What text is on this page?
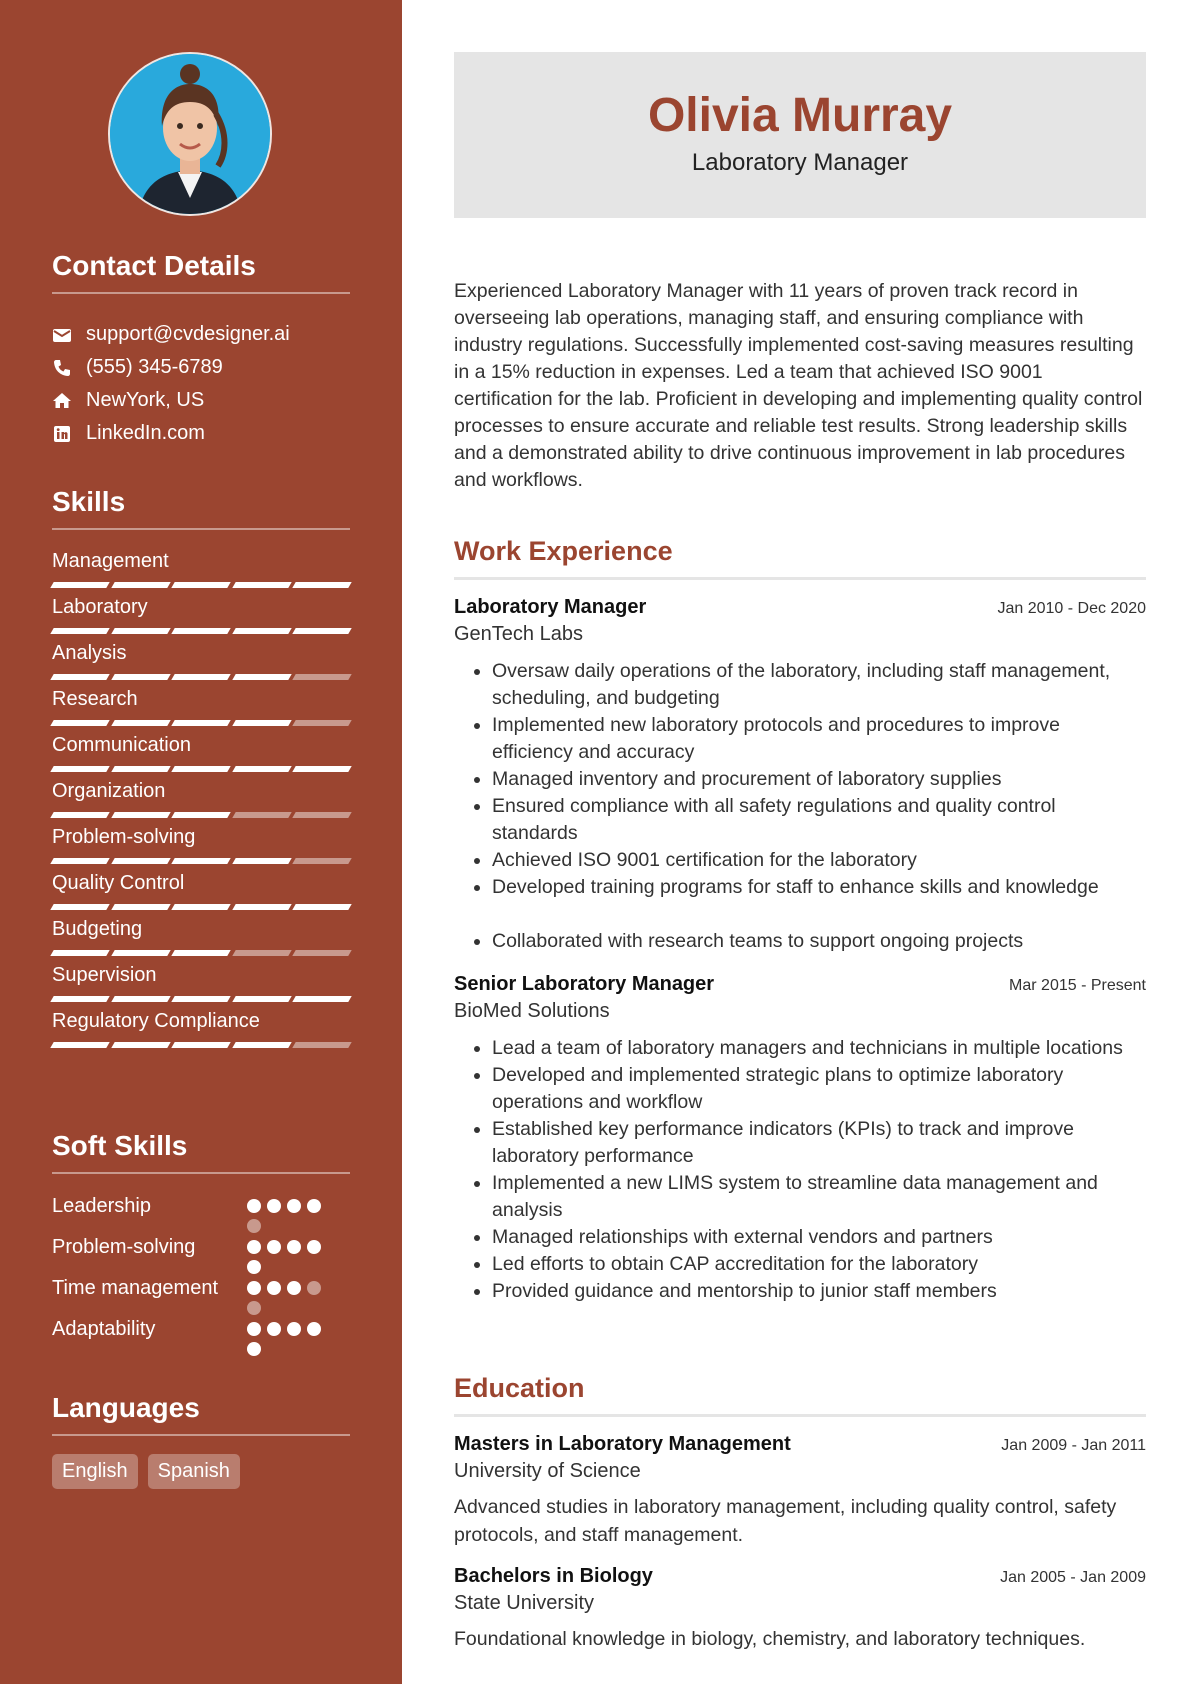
Contact Details
support@cvdesigner.ai
(555) 345-6789
NewYork, US
LinkedIn.com
Skills
Management
Laboratory
Analysis
Research
Communication
Organization
Problem-solving
Quality Control
Budgeting
Supervision
Regulatory Compliance
Soft Skills
Leadership
Problem-solving
Time management
Adaptability
Languages
English	Spanish
Olivia Murray
Laboratory Manager

Experienced Laboratory Manager with 11 years of proven track record in overseeing lab operations, managing staff, and ensuring compliance with industry regulations. Successfully implemented cost-saving measures resulting in a 15% reduction in expenses. Led a team that achieved ISO 9001 certification for the lab. Proficient in developing and implementing quality control processes to ensure accurate and reliable test results. Strong leadership skills and a demonstrated ability to drive continuous improvement in lab procedures and workflows.

Work Experience
Laboratory Manager	Jan 2010 - Dec 2020
GenTech Labs
• Oversaw daily operations of the laboratory, including staff management, scheduling, and budgeting
• Implemented new laboratory protocols and procedures to improve efficiency and accuracy
• Managed inventory and procurement of laboratory supplies
• Ensured compliance with all safety regulations and quality control standards
• Achieved ISO 9001 certification for the laboratory
• Developed training programs for staff to enhance skills and knowledge
• Collaborated with research teams to support ongoing projects
Senior Laboratory Manager	Mar 2015 - Present
BioMed Solutions
• Lead a team of laboratory managers and technicians in multiple locations
• Developed and implemented strategic plans to optimize laboratory operations and workflow
• Established key performance indicators (KPIs) to track and improve laboratory performance
• Implemented a new LIMS system to streamline data management and analysis
• Managed relationships with external vendors and partners
• Led efforts to obtain CAP accreditation for the laboratory
• Provided guidance and mentorship to junior staff members
Education
Masters in Laboratory Management	Jan 2009 - Jan 2011
University of Science
Advanced studies in laboratory management, including quality control, safety protocols, and staff management.
Bachelors in Biology	Jan 2005 - Jan 2009
State University
Foundational knowledge in biology, chemistry, and laboratory techniques.
